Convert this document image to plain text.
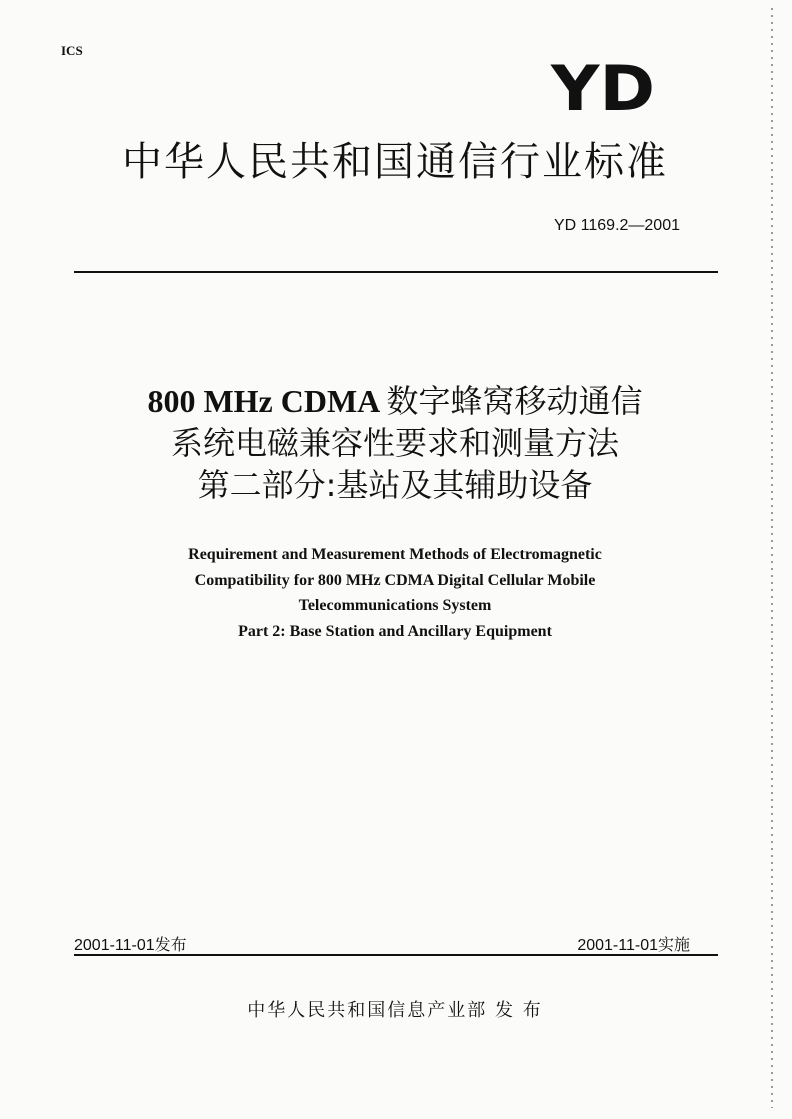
ICS
YD
中华人民共和国通信行业标准
YD 1169.2—2001
800 MHz CDMA 数字蜂窝移动通信
系统电磁兼容性要求和测量方法
第二部分:基站及其辅助设备
Requirement and Measurement Methods of Electromagnetic
Compatibility for 800 MHz CDMA Digital Cellular Mobile
Telecommunications System
Part 2: Base Station and Ancillary Equipment
2001-11-01发布	2001-11-01实施
中华人民共和国信息产业部 发 布
